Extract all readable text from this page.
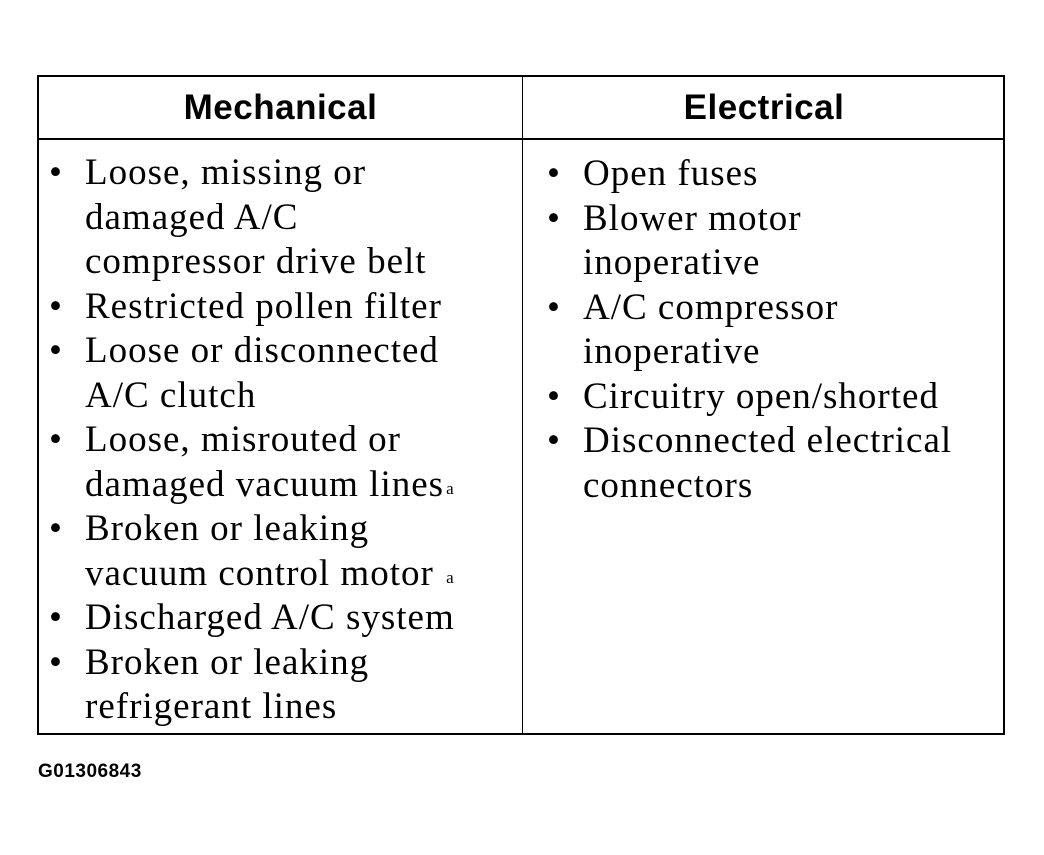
Mechanical	Electrical
• Loose, missing or
damaged A/C
compressor drive belt
• Restricted pollen filter
• Loose or disconnected
A/C clutch
• Loose, misrouted or
damaged vacuum lines $^a$
• Broken or leaking
vacuum control motor $^a$
• Discharged A/C system
• Broken or leaking
refrigerant lines
• Open fuses
• Blower motor
inoperative
• A/C compressor
inoperative
• Circuitry open/shorted
• Disconnected electrical
connectors
G01306843
